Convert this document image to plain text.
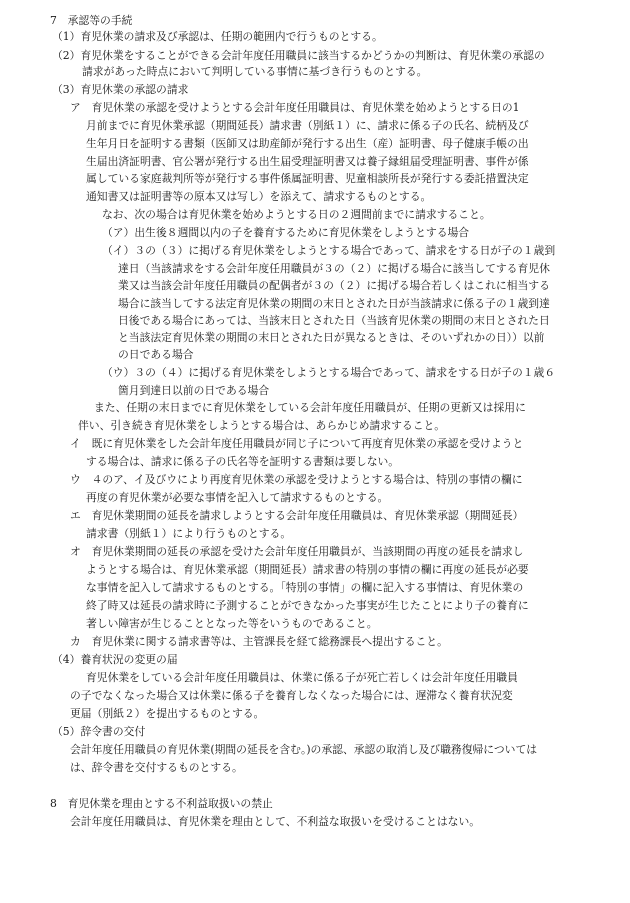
7　承認等の手続
（1）育児休業の請求及び承認は、任期の範囲内で行うものとする。
（2）育児休業をすることができる会計年度任用職員に該当するかどうかの判断は、育児休業の承認の
請求があった時点において判明している事情に基づき行うものとする。
（3）育児休業の承認の請求
ア　育児休業の承認を受けようとする会計年度任用職員は、育児休業を始めようとする日の1
月前までに育児休業承認（期間延長）請求書（別紙１）に、請求に係る子の氏名、続柄及び
生年月日を証明する書類（医師又は助産師が発行する出生（産）証明書、母子健康手帳の出
生届出済証明書、官公署が発行する出生届受理証明書又は養子縁組届受理証明書、事件が係
属している家庭裁判所等が発行する事件係属証明書、児童相談所長が発行する委託措置決定
通知書又は証明書等の原本又は写し）を添えて、請求するものとする。
なお、次の場合は育児休業を始めようとする日の２週間前までに請求すること。
（ア）出生後８週間以内の子を養育するために育児休業をしようとする場合
（イ）３の（３）に掲げる育児休業をしようとする場合であって、請求をする日が子の１歳到
達日（当該請求をする会計年度任用職員が３の（２）に掲げる場合に該当してする育児休
業又は当該会計年度任用職員の配偶者が３の（２）に掲げる場合若しくはこれに相当する
場合に該当してする法定育児休業の期間の末日とされた日が当該請求に係る子の１歳到達
日後である場合にあっては、当該末日とされた日（当該育児休業の期間の末日とされた日
と当該法定育児休業の期間の末日とされた日が異なるときは、そのいずれかの日））以前
の日である場合
（ウ）３の（４）に掲げる育児休業をしようとする場合であって、請求をする日が子の１歳６
箇月到達日以前の日である場合
また、任期の末日までに育児休業をしている会計年度任用職員が、任期の更新又は採用に
伴い、引き続き育児休業をしようとする場合は、あらかじめ請求すること。
イ　既に育児休業をした会計年度任用職員が同じ子について再度育児休業の承認を受けようと
する場合は、請求に係る子の氏名等を証明する書類は要しない。
ウ　４のア、イ及びウにより再度育児休業の承認を受けようとする場合は、特別の事情の欄に
再度の育児休業が必要な事情を記入して請求するものとする。
エ　育児休業期間の延長を請求しようとする会計年度任用職員は、育児休業承認（期間延長）
請求書（別紙１）により行うものとする。
オ　育児休業期間の延長の承認を受けた会計年度任用職員が、当該期間の再度の延長を請求し
ようとする場合は、育児休業承認（期間延長）請求書の特別の事情の欄に再度の延長が必要
な事情を記入して請求するものとする。「特別の事情」の欄に記入する事情は、育児休業の
終了時又は延長の請求時に予測することができなかった事実が生じたことにより子の養育に
著しい障害が生じることとなった等をいうものであること。
カ　育児休業に関する請求書等は、主管課長を経て総務課長へ提出すること。
（4）養育状況の変更の届
育児休業をしている会計年度任用職員は、休業に係る子が死亡若しくは会計年度任用職員
の子でなくなった場合又は休業に係る子を養育しなくなった場合には、遅滞なく養育状況変
更届（別紙２）を提出するものとする。
（5）辞令書の交付
会計年度任用職員の育児休業(期間の延長を含む。)の承認、承認の取消し及び職務復帰については
は、辞令書を交付するものとする。
8　育児休業を理由とする不利益取扱いの禁止
会計年度任用職員は、育児休業を理由として、不利益な取扱いを受けることはない。
